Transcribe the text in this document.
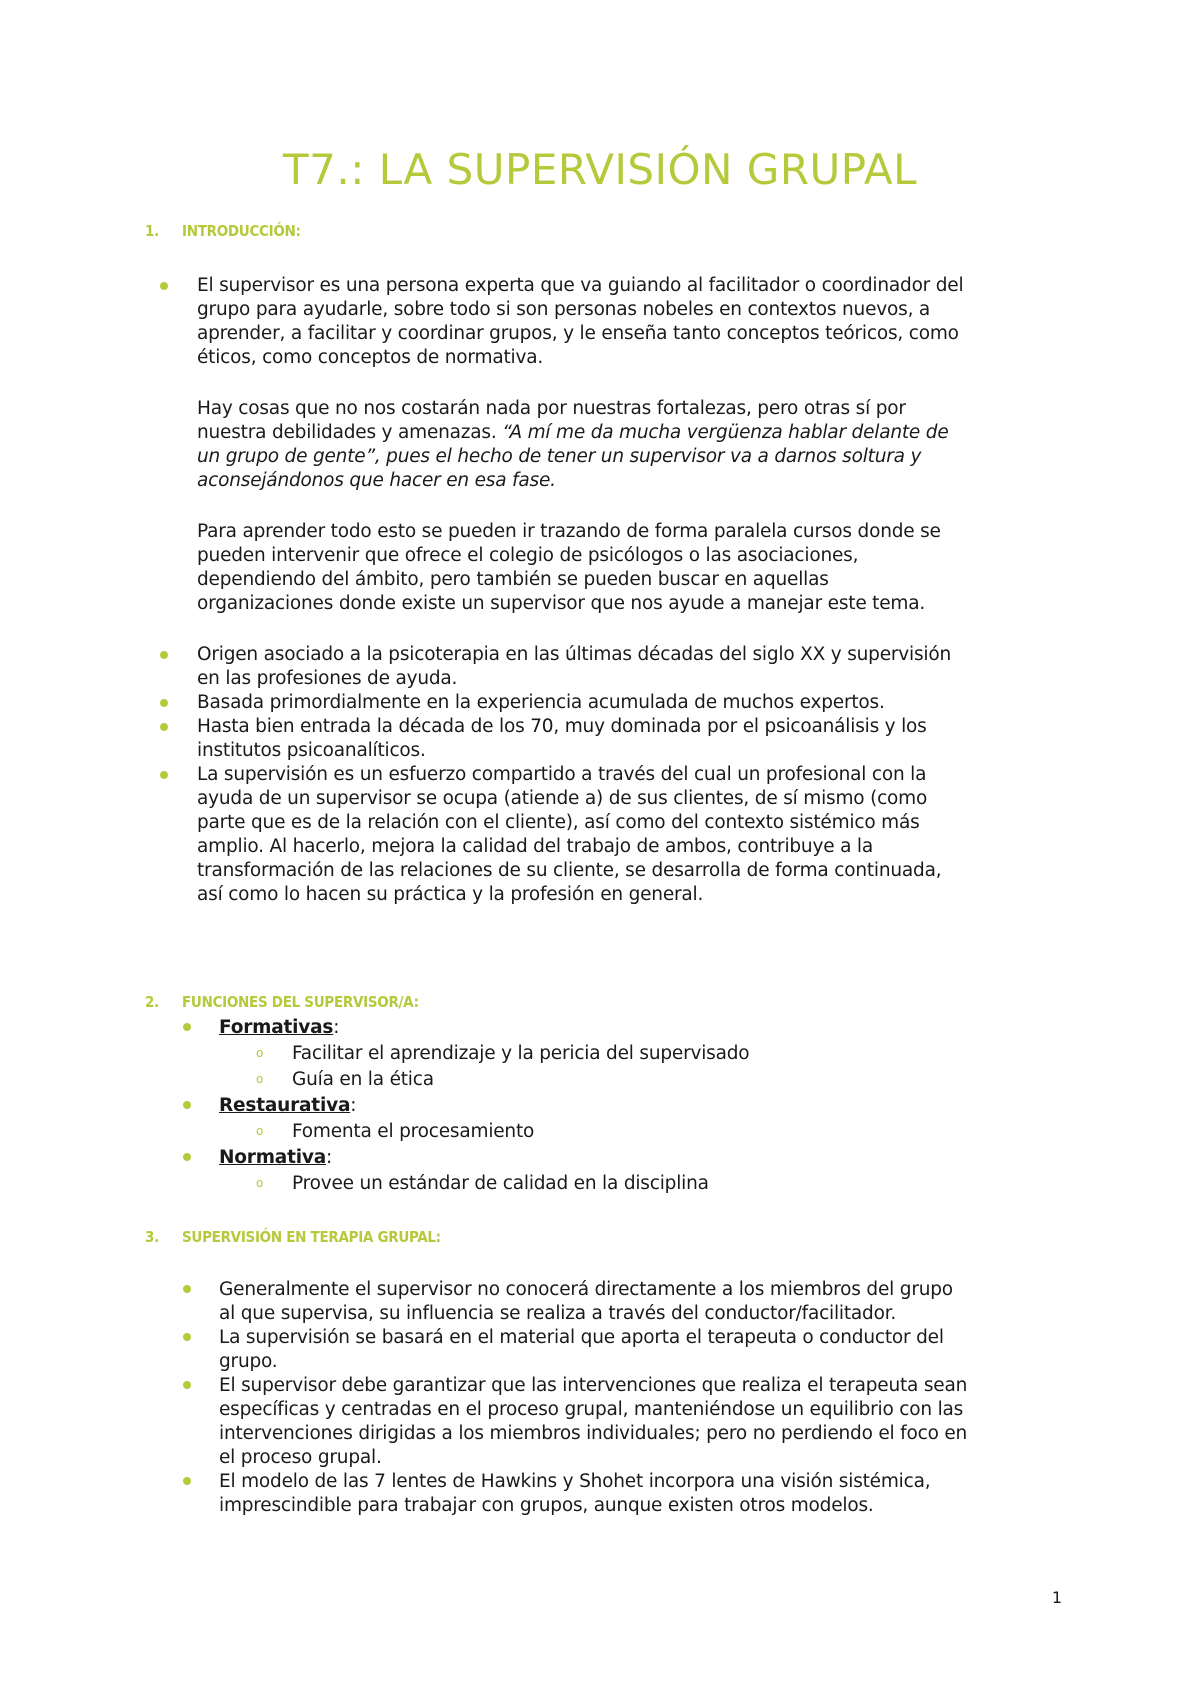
T7.: LA SUPERVISIÓN GRUPAL
1. INTRODUCCIÓN:
El supervisor es una persona experta que va guiando al facilitador o coordinador del
grupo para ayudarle, sobre todo si son personas nobeles en contextos nuevos, a
aprender, a facilitar y coordinar grupos, y le enseña tanto conceptos teóricos, como
éticos, como conceptos de normativa.
Hay cosas que no nos costarán nada por nuestras fortalezas, pero otras sí por
nuestra debilidades y amenazas. “A mí me da mucha vergüenza hablar delante de
un grupo de gente”, pues el hecho de tener un supervisor va a darnos soltura y
aconsejándonos que hacer en esa fase.
Para aprender todo esto se pueden ir trazando de forma paralela cursos donde se
pueden intervenir que ofrece el colegio de psicólogos o las asociaciones,
dependiendo del ámbito, pero también se pueden buscar en aquellas
organizaciones donde existe un supervisor que nos ayude a manejar este tema.
Origen asociado a la psicoterapia en las últimas décadas del siglo XX y supervisión
en las profesiones de ayuda.
Basada primordialmente en la experiencia acumulada de muchos expertos.
Hasta bien entrada la década de los 70, muy dominada por el psicoanálisis y los
institutos psicoanalíticos.
La supervisión es un esfuerzo compartido a través del cual un profesional con la
ayuda de un supervisor se ocupa (atiende a) de sus clientes, de sí mismo (como
parte que es de la relación con el cliente), así como del contexto sistémico más
amplio. Al hacerlo, mejora la calidad del trabajo de ambos, contribuye a la
transformación de las relaciones de su cliente, se desarrolla de forma continuada,
así como lo hacen su práctica y la profesión en general.
2. FUNCIONES DEL SUPERVISOR/A:
Formativas:
o Facilitar el aprendizaje y la pericia del supervisado
o Guía en la ética
Restaurativa:
o Fomenta el procesamiento
Normativa:
o Provee un estándar de calidad en la disciplina
3. SUPERVISIÓN EN TERAPIA GRUPAL:
Generalmente el supervisor no conocerá directamente a los miembros del grupo
al que supervisa, su influencia se realiza a través del conductor/facilitador.
La supervisión se basará en el material que aporta el terapeuta o conductor del
grupo.
El supervisor debe garantizar que las intervenciones que realiza el terapeuta sean
específicas y centradas en el proceso grupal, manteniéndose un equilibrio con las
intervenciones dirigidas a los miembros individuales; pero no perdiendo el foco en
el proceso grupal.
El modelo de las 7 lentes de Hawkins y Shohet incorpora una visión sistémica,
imprescindible para trabajar con grupos, aunque existen otros modelos.
1
